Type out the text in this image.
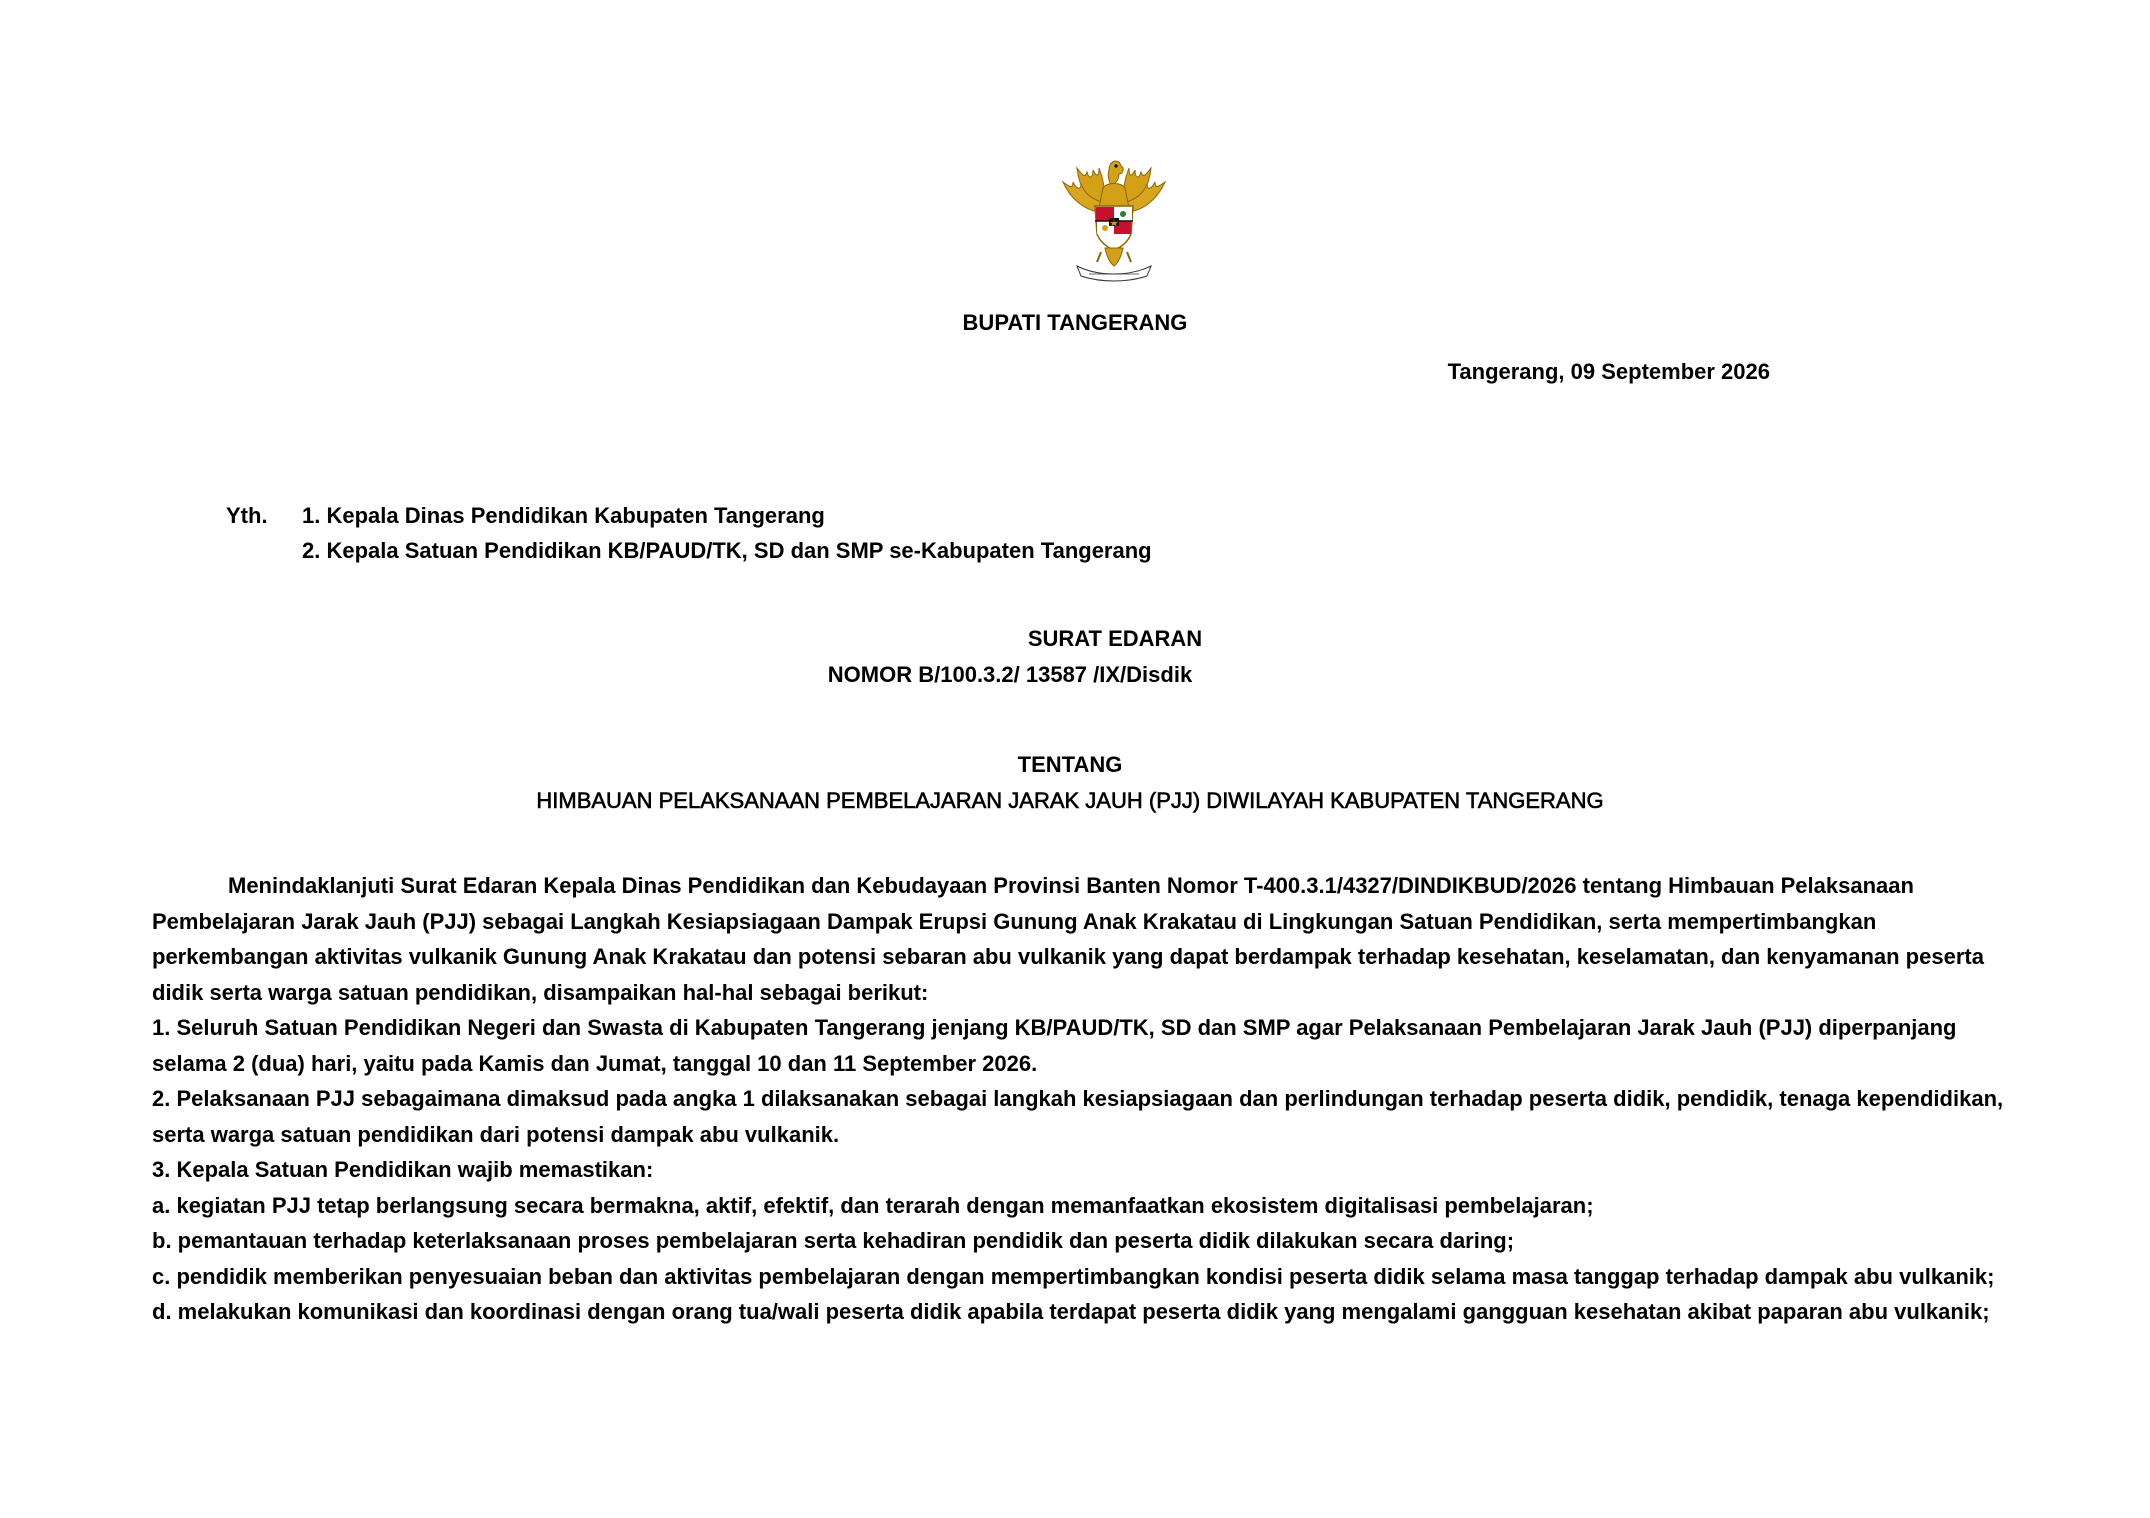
BUPATI TANGERANG
Tangerang, 09 September 2026
Yth. 1. Kepala Dinas Pendidikan Kabupaten Tangerang
2. Kepala Satuan Pendidikan KB/PAUD/TK, SD dan SMP se-Kabupaten Tangerang
SURAT EDARAN
NOMOR B/100.3.2/ 13587 /IX/Disdik
TENTANG
HIMBAUAN PELAKSANAAN PEMBELAJARAN JARAK JAUH (PJJ) DIWILAYAH KABUPATEN TANGERANG

Menindaklanjuti Surat Edaran Kepala Dinas Pendidikan dan Kebudayaan Provinsi Banten Nomor T-400.3.1/4327/DINDIKBUD/2026 tentang Himbauan Pelaksanaan Pembelajaran Jarak Jauh (PJJ) sebagai Langkah Kesiapsiagaan Dampak Erupsi Gunung Anak Krakatau di Lingkungan Satuan Pendidikan, serta mempertimbangkan perkembangan aktivitas vulkanik Gunung Anak Krakatau dan potensi sebaran abu vulkanik yang dapat berdampak terhadap kesehatan, keselamatan, dan kenyamanan peserta didik serta warga satuan pendidikan, disampaikan hal-hal sebagai berikut:

1. Seluruh Satuan Pendidikan Negeri dan Swasta di Kabupaten Tangerang jenjang KB/PAUD/TK, SD dan SMP agar Pelaksanaan Pembelajaran Jarak Jauh (PJJ) diperpanjang selama 2 (dua) hari, yaitu pada Kamis dan Jumat, tanggal 10 dan 11 September 2026.

2. Pelaksanaan PJJ sebagaimana dimaksud pada angka 1 dilaksanakan sebagai langkah kesiapsiagaan dan perlindungan terhadap peserta didik, pendidik, tenaga kependidikan, serta warga satuan pendidikan dari potensi dampak abu vulkanik.

3. Kepala Satuan Pendidikan wajib memastikan:

a. kegiatan PJJ tetap berlangsung secara bermakna, aktif, efektif, dan terarah dengan memanfaatkan ekosistem digitalisasi pembelajaran;

b. pemantauan terhadap keterlaksanaan proses pembelajaran serta kehadiran pendidik dan peserta didik dilakukan secara daring;

c. pendidik memberikan penyesuaian beban dan aktivitas pembelajaran dengan mempertimbangkan kondisi peserta didik selama masa tanggap terhadap dampak abu vulkanik;

d. melakukan komunikasi dan koordinasi dengan orang tua/wali peserta didik apabila terdapat peserta didik yang mengalami gangguan kesehatan akibat paparan abu vulkanik;
